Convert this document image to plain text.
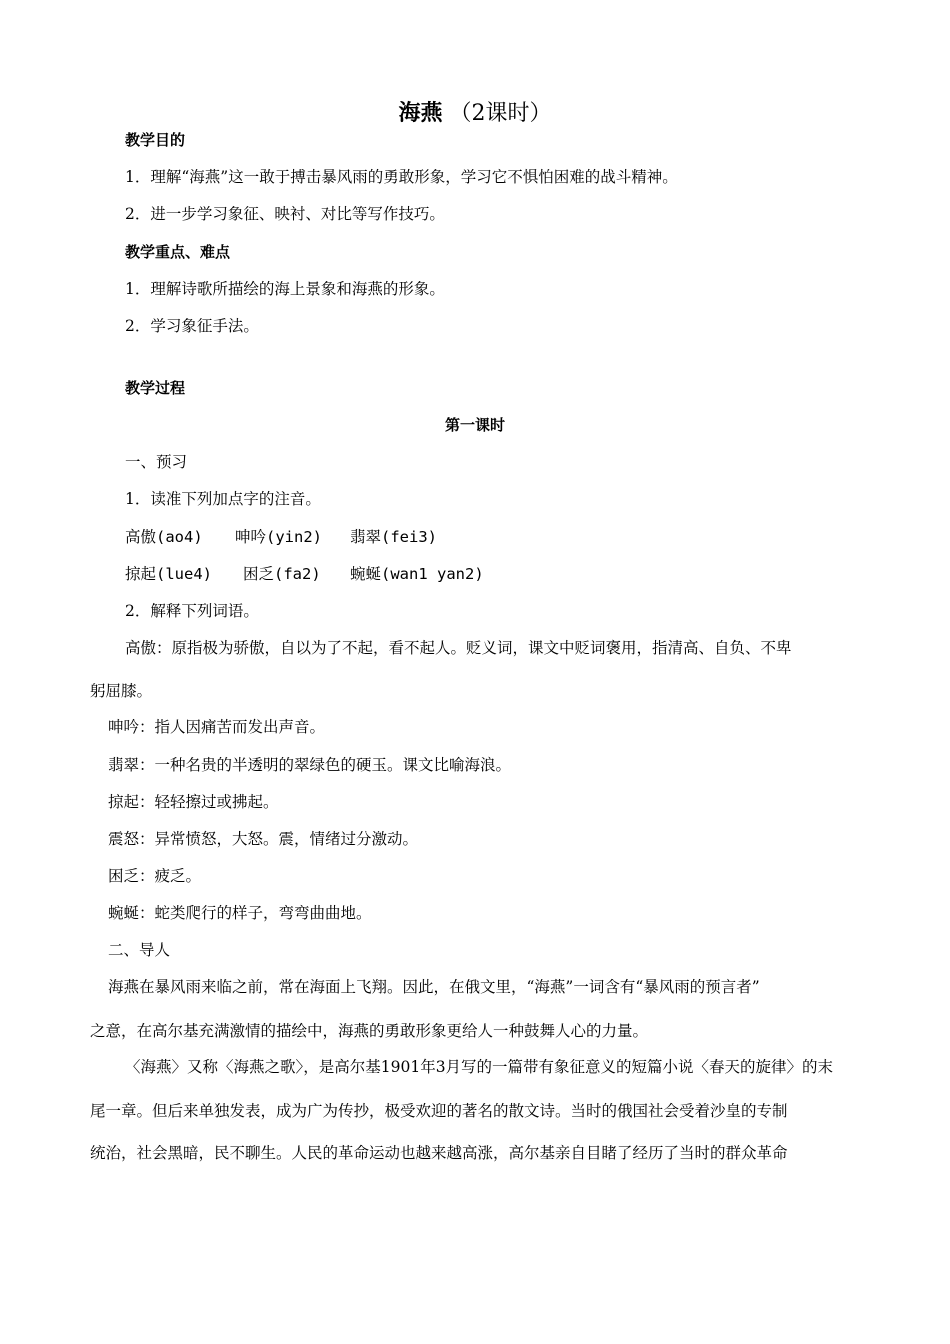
海燕 （2课时）
教学目的
1．理解“海燕”这一敢于搏击暴风雨的勇敢形象，学习它不惧怕困难的战斗精神。
2．进一步学习象征、映衬、对比等写作技巧。
教学重点、难点
1．理解诗歌所描绘的海上景象和海燕的形象。
2．学习象征手法。
教学过程
第一课时
一、预习
1．读准下列加点字的注音。
高傲(ao4) 呻吟(yin2) 翡翠(fei3)
掠起(lue4) 困乏(fa2) 蜿蜒(wan1 yan2)
2．解释下列词语。
高傲：原指极为骄傲，自以为了不起，看不起人。贬义词，课文中贬词褒用，指清高、自负、不卑
躬屈膝。
呻吟：指人因痛苦而发出声音。
翡翠：一种名贵的半透明的翠绿色的硬玉。课文比喻海浪。
掠起：轻轻擦过或拂起。
震怒：异常愤怒，大怒。震，情绪过分激动。
困乏：疲乏。
蜿蜒：蛇类爬行的样子，弯弯曲曲地。
二、导人
海燕在暴风雨来临之前，常在海面上飞翔。因此，在俄文里，“海燕”一词含有“暴风雨的预言者”
之意，在高尔基充满激情的描绘中，海燕的勇敢形象更给人一种鼓舞人心的力量。
〈海燕〉又称〈海燕之歌〉，是高尔基1901年3月写的一篇带有象征意义的短篇小说〈春天的旋律〉的末
尾一章。但后来单独发表，成为广为传抄，极受欢迎的著名的散文诗。当时的俄国社会受着沙皇的专制
统治，社会黑暗，民不聊生。人民的革命运动也越来越高涨，高尔基亲自目睹了经历了当时的群众革命
